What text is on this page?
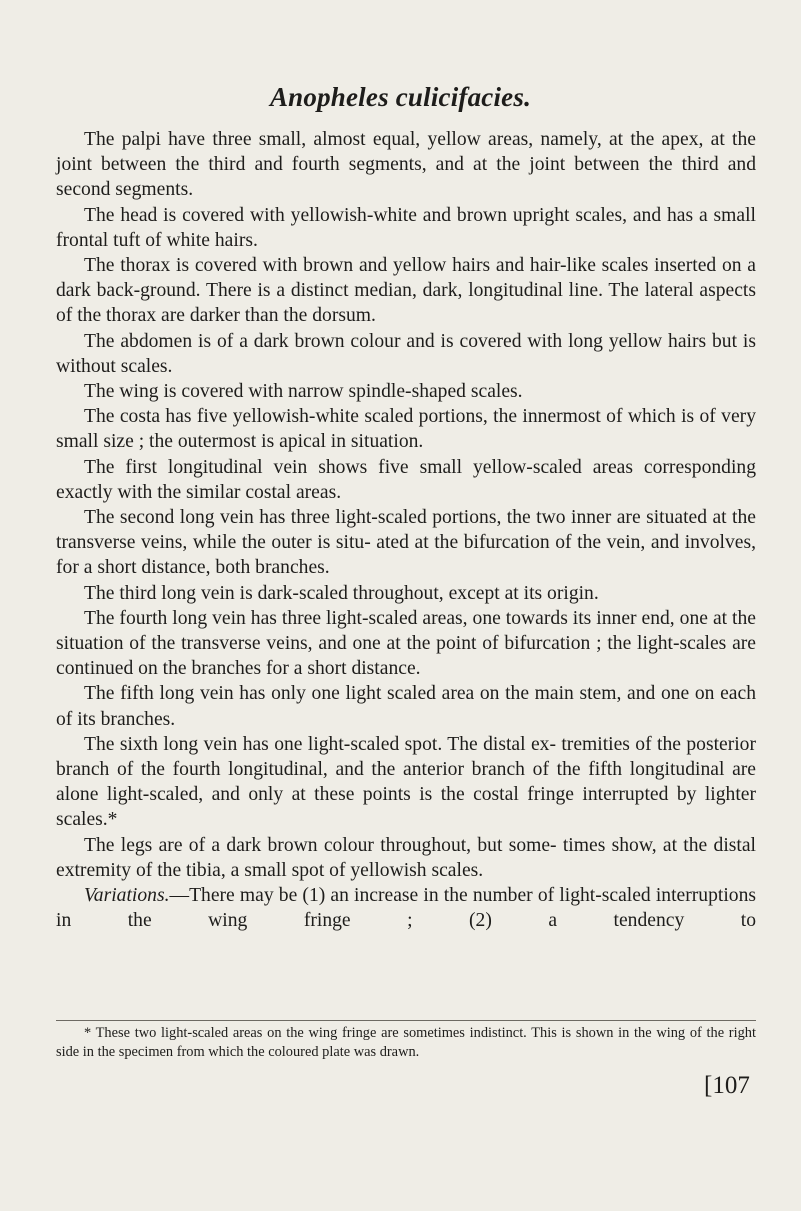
Anopheles culicifacies.

The palpi have three small, almost equal, yellow areas, namely, at the apex, at the joint between the third and fourth segments, and at the joint between the third and second segments.

The head is covered with yellowish-white and brown upright scales, and has a small frontal tuft of white hairs.

The thorax is covered with brown and yellow hairs and hair-like scales inserted on a dark back-ground. There is a distinct median, dark, longitudinal line. The lateral aspects of the thorax are darker than the dorsum.

The abdomen is of a dark brown colour and is covered with long yellow hairs but is without scales.

The wing is covered with narrow spindle-shaped scales.

The costa has five yellowish-white scaled portions, the innermost of which is of very small size ; the outermost is apical in situation.

The first longitudinal vein shows five small yellow-scaled areas corresponding exactly with the similar costal areas.

The second long vein has three light-scaled portions, the two inner are situated at the transverse veins, while the outer is situ- ated at the bifurcation of the vein, and involves, for a short distance, both branches.

The third long vein is dark-scaled throughout, except at its origin.

The fourth long vein has three light-scaled areas, one towards its inner end, one at the situation of the transverse veins, and one at the point of bifurcation ; the light-scales are continued on the branches for a short distance.

The fifth long vein has only one light scaled area on the main stem, and one on each of its branches.

The sixth long vein has one light-scaled spot. The distal ex- tremities of the posterior branch of the fourth longitudinal, and the anterior branch of the fifth longitudinal are alone light-scaled, and only at these points is the costal fringe interrupted by lighter scales.*

The legs are of a dark brown colour throughout, but some- times show, at the distal extremity of the tibia, a small spot of yellowish scales.

Variations.—There may be (1) an increase in the number of light-scaled interruptions in the wing fringe ; (2) a tendency to

* These two light-scaled areas on the wing fringe are sometimes indistinct. This is shown in the wing of the right side in the specimen from which the coloured plate was drawn.

[107
